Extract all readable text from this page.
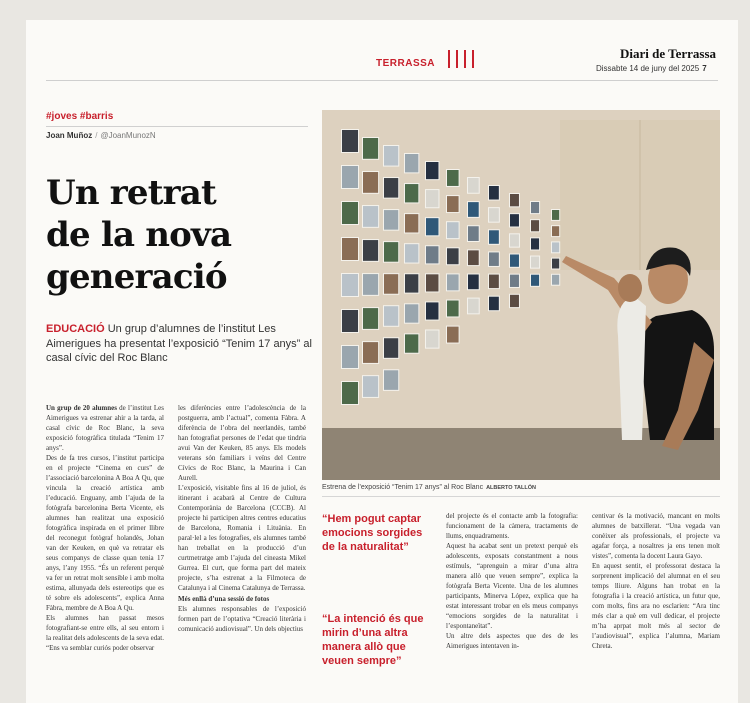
TERRASSA
Diari de Terrassa
Dissabte 14 de juny del 2025 7
#joves #barris
Joan Muñoz / @JoanMunozN
Un retrat
de la nova
generació
EDUCACIÓ Un grup d’alumnes de l’institut Les Aimerigues ha presentat l’exposició “Tenim 17 anys” al casal cívic del Roc Blanc

Un grup de 20 alumnes de l’institut Les Aimerigues va estrenar ahir a la tarda, al casal cívic de Roc Blanc, la seva exposició fotogràfica titulada “Tenim 17 anys”.

Des de fa tres cursos, l’institut participa en el projecte “Cinema en curs” de l’associació barcelonina A Boa A Qu, que vincula la creació artística amb l’educació. Enguany, amb l’ajuda de la fotògrafa barcelonina Berta Vicente, els alumnes han realitzat una exposició fotogràfica inspirada en el primer llibre del reconegut fotògraf holandès, Johan van der Keuken, en què va retratar els seus companys de classe quan tenia 17 anys, l’any 1955. “És un referent perquè va fer un retrat molt sensible i amb molta estima, allunyada dels estereotips que es té sobre els adolescents”, explica Anna Fàbra, membre de A Boa A Qu.

Els alumnes han passat mesos fotografiant-se entre ells, al seu entorn i la realitat dels adolescents de la seva edat. “Ens va semblar curiós poder observar

les diferències entre l’adolescència de la postguerra, amb l’actual”, comenta Fàbra. A diferència de l’obra del neerlandès, també han fotografiat persones de l’edat que tindria avui Van der Keuken, 85 anys. Els models veterans són familiars i veïns del Centre Cívics de Roc Blanc, la Maurina i Can Aurell.

L’exposició, visitable fins al 16 de juliol, és itinerant i acabarà al Centre de Cultura Contemporània de Barcelona (CCCB). Al projecte hi participen altres centres educatius de Barcelona, Romania i Lituània. En paral·lel a les fotografies, els alumnes també han treballat en la producció d’un curtmetratge amb l’ajuda del cineasta Mikel Gurrea. El curt, que forma part del mateix projecte, s’ha estrenat a la Filmoteca de Catalunya i al Cinema Catalunya de Terrassa.

Més enllà d’una sessió de fotos

Els alumnes responsables de l’exposició formen part de l’optativa “Creació literària i comunicació audiovisual”. Un dels objectius

Estrena de l’exposició “Tenim 17 anys” al Roc Blanc ALBERTO TALLÓN
“Hem pogut captar emocions sorgides de la naturalitat”
“La intenció és que mirin d’una altra manera allò que veuen sempre”

del projecte és el contacte amb la fotografia: funcionament de la càmera, tractaments de llums, enquadraments.

Aquest ha acabat sent un pretext perquè els adolescents, exposats constantment a nous estímuls, “aprenguin a mirar d’una altra manera allò que veuen sempre”, explica la fotògrafa Berta Vicente. Una de les alumnes participants, Minerva López, explica que ha estat interessant trobar en els meus companys “emocions sorgides de la naturalitat i l’espontaneïtat”.

Un altre dels aspectes que des de les Aimerigues intentaven in-

centivar és la motivació, mancant en molts alumnes de batxillerat. “Una vegada van conèixer als professionals, el projecte va agafar força, a nosaltres ja ens tenen molt vistes”, comenta la docent Laura Gayo.

En aquest sentit, el professorat destaca la sorprenent implicació del alumnat en el seu temps lliure. Alguns han trobat en la fotografia i la creació artística, un futur que, com molts, fins ara no esclarien: “Ara tinc més clar a què em vull dedicar, el projecte m’ha aprpat molt més al sector de l’audiovisual”, explica l’alumna, Mariam Chreta.
